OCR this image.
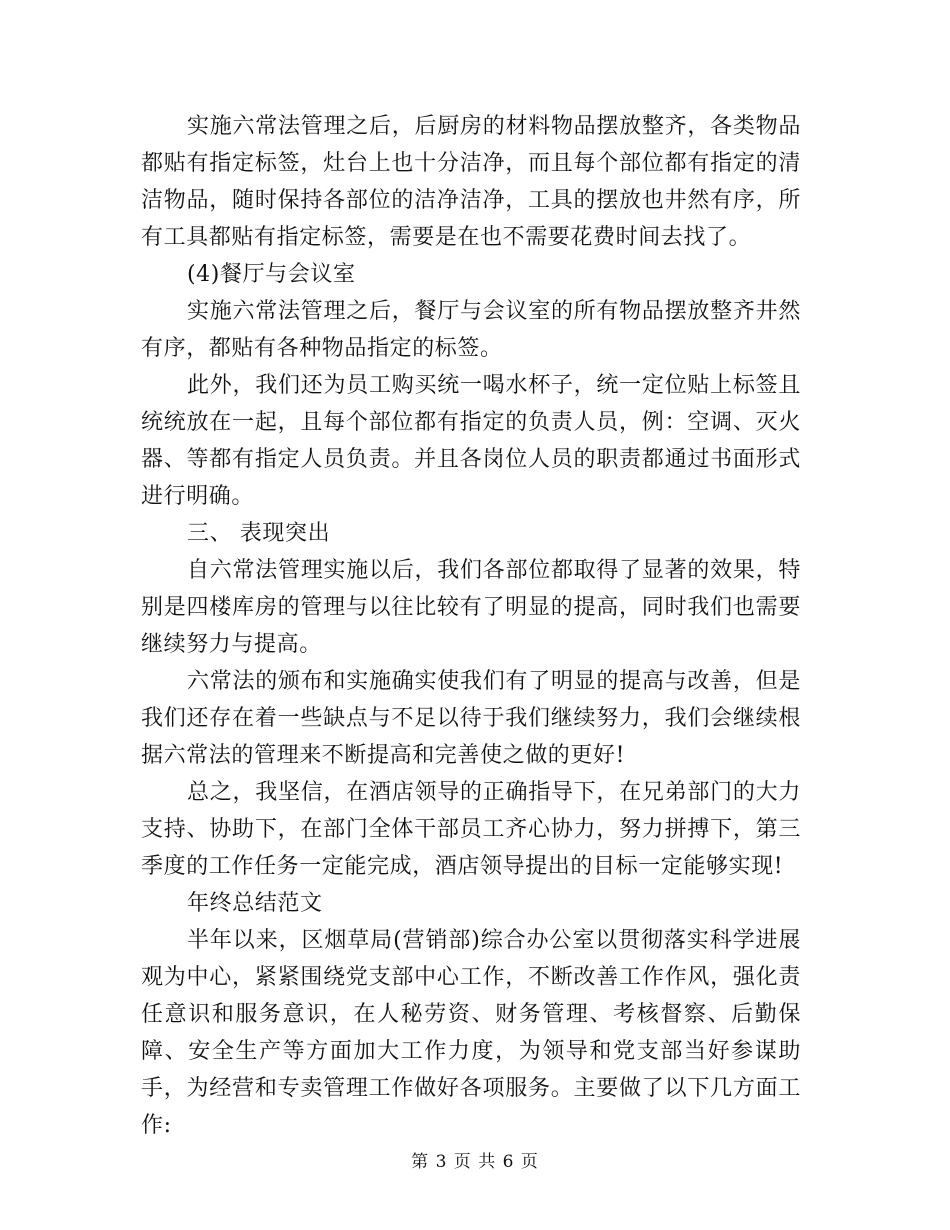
实施六常法管理之后，后厨房的材料物品摆放整齐，各类物品都贴有指定标签，灶台上也十分洁净，而且每个部位都有指定的清洁物品，随时保持各部位的洁净洁净，工具的摆放也井然有序，所有工具都贴有指定标签，需要是在也不需要花费时间去找了。

(4)餐厅与会议室

实施六常法管理之后，餐厅与会议室的所有物品摆放整齐井然有序，都贴有各种物品指定的标签。

此外，我们还为员工购买统一喝水杯子，统一定位贴上标签且统统放在一起，且每个部位都有指定的负责人员，例：空调、灭火器、等都有指定人员负责。并且各岗位人员的职责都通过书面形式进行明确。

三、 表现突出

自六常法管理实施以后，我们各部位都取得了显著的效果，特别是四楼库房的管理与以往比较有了明显的提高，同时我们也需要继续努力与提高。

六常法的颁布和实施确实使我们有了明显的提高与改善，但是我们还存在着一些缺点与不足以待于我们继续努力，我们会继续根据六常法的管理来不断提高和完善使之做的更好!

总之，我坚信，在酒店领导的正确指导下，在兄弟部门的大力支持、协助下，在部门全体干部员工齐心协力，努力拼搏下，第三季度的工作任务一定能完成，酒店领导提出的目标一定能够实现!

年终总结范文

半年以来，区烟草局(营销部)综合办公室以贯彻落实科学进展观为中心，紧紧围绕党支部中心工作，不断改善工作作风，强化责任意识和服务意识，在人秘劳资、财务管理、考核督察、后勤保障、安全生产等方面加大工作力度，为领导和党支部当好参谋助手，为经营和专卖管理工作做好各项服务。主要做了以下几方面工作:

第 3 页 共 6 页
